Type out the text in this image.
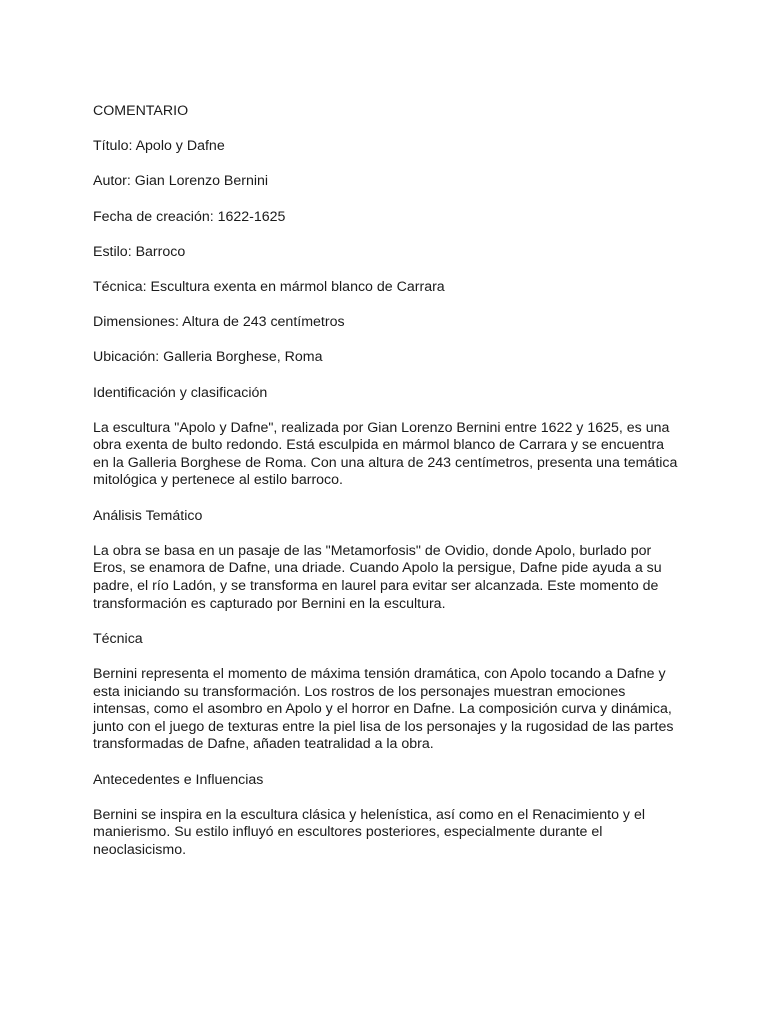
COMENTARIO
Título: Apolo y Dafne
Autor: Gian Lorenzo Bernini
Fecha de creación: 1622-1625
Estilo: Barroco
Técnica: Escultura exenta en mármol blanco de Carrara
Dimensiones: Altura de 243 centímetros
Ubicación: Galleria Borghese, Roma
Identificación y clasificación
La escultura "Apolo y Dafne", realizada por Gian Lorenzo Bernini entre 1622 y 1625, es una obra exenta de bulto redondo. Está esculpida en mármol blanco de Carrara y se encuentra en la Galleria Borghese de Roma. Con una altura de 243 centímetros, presenta una temática mitológica y pertenece al estilo barroco.
Análisis Temático
La obra se basa en un pasaje de las "Metamorfosis" de Ovidio, donde Apolo, burlado por Eros, se enamora de Dafne, una driade. Cuando Apolo la persigue, Dafne pide ayuda a su padre, el río Ladón, y se transforma en laurel para evitar ser alcanzada. Este momento de transformación es capturado por Bernini en la escultura.
Técnica
Bernini representa el momento de máxima tensión dramática, con Apolo tocando a Dafne y esta iniciando su transformación. Los rostros de los personajes muestran emociones intensas, como el asombro en Apolo y el horror en Dafne. La composición curva y dinámica, junto con el juego de texturas entre la piel lisa de los personajes y la rugosidad de las partes transformadas de Dafne, añaden teatralidad a la obra.
Antecedentes e Influencias
Bernini se inspira en la escultura clásica y helenística, así como en el Renacimiento y el manierismo. Su estilo influyó en escultores posteriores, especialmente durante el neoclasicismo.
